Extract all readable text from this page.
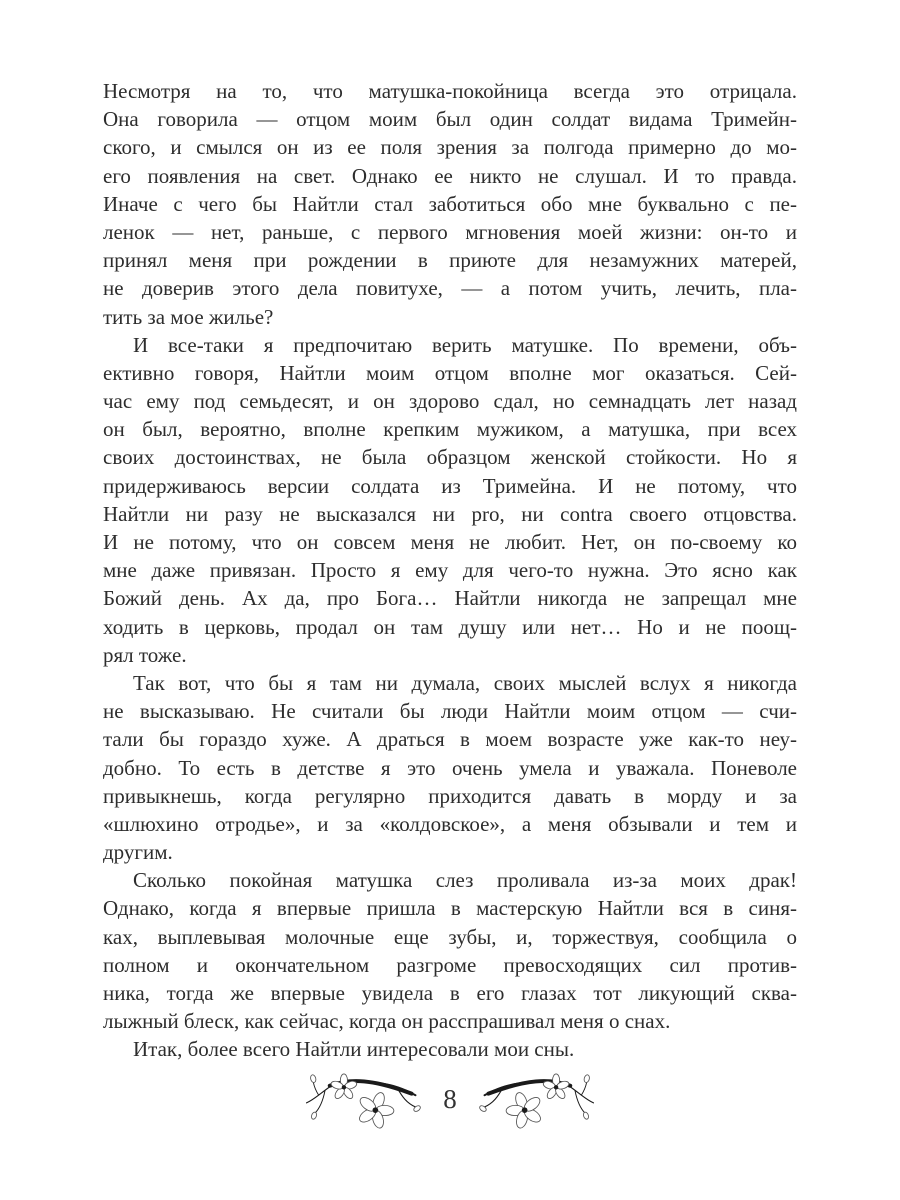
Несмотря на то, что матушка-покойница всегда это отрицала.
Она говорила — отцом моим был один солдат видама Тримейн-
ского, и смылся он из ее поля зрения за полгода примерно до мо-
его появления на свет. Однако ее никто не слушал. И то правда.
Иначе с чего бы Найтли стал заботиться обо мне буквально с пе-
ленок — нет, раньше, с первого мгновения моей жизни: он-то и
принял меня при рождении в приюте для незамужних матерей,
не доверив этого дела повитухе, — а потом учить, лечить, пла-
тить за мое жилье?
И все-таки я предпочитаю верить матушке. По времени, объ-
ективно говоря, Найтли моим отцом вполне мог оказаться. Сей-
час ему под семьдесят, и он здорово сдал, но семнадцать лет назад
он был, вероятно, вполне крепким мужиком, а матушка, при всех
своих достоинствах, не была образцом женской стойкости. Но я
придерживаюсь версии солдата из Тримейна. И не потому, что
Найтли ни разу не высказался ни pro, ни contra своего отцовства.
И не потому, что он совсем меня не любит. Нет, он по-своему ко
мне даже привязан. Просто я ему для чего-то нужна. Это ясно как
Божий день. Ах да, про Бога… Найтли никогда не запрещал мне
ходить в церковь, продал он там душу или нет… Но и не поощ-
рял тоже.
Так вот, что бы я там ни думала, своих мыслей вслух я никогда
не высказываю. Не считали бы люди Найтли моим отцом — счи-
тали бы гораздо хуже. А драться в моем возрасте уже как-то неу-
добно. То есть в детстве я это очень умела и уважала. Поневоле
привыкнешь, когда регулярно приходится давать в морду и за
«шлюхино отродье», и за «колдовское», а меня обзывали и тем и
другим.
Сколько покойная матушка слез проливала из-за моих драк!
Однако, когда я впервые пришла в мастерскую Найтли вся в синя-
ках, выплевывая молочные еще зубы, и, торжествуя, сообщила о
полном и окончательном разгроме превосходящих сил против-
ника, тогда же впервые увидела в его глазах тот ликующий сква-
лыжный блеск, как сейчас, когда он расспрашивал меня о снах.
Итак, более всего Найтли интересовали мои сны.
8
